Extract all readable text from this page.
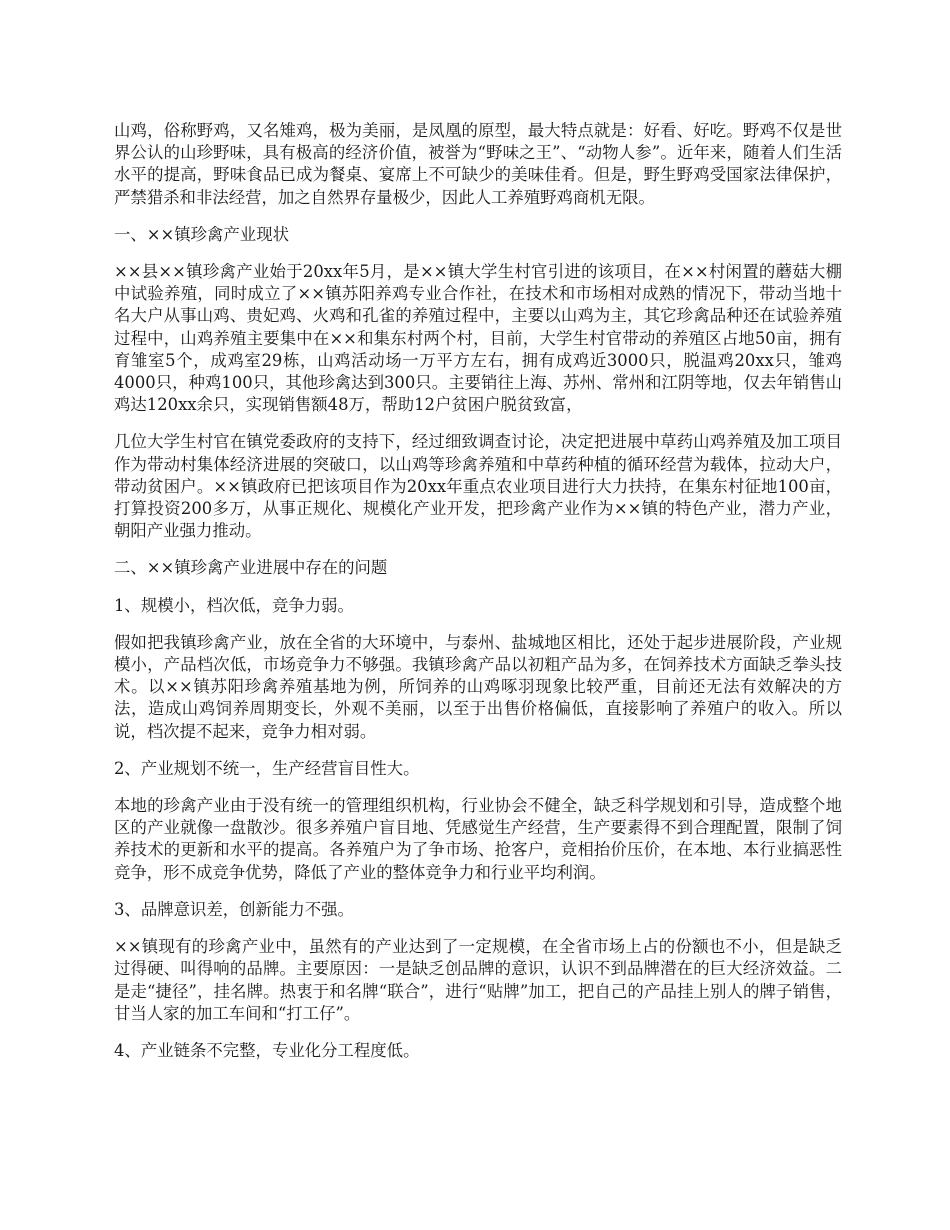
山鸡，俗称野鸡，又名雉鸡，极为美丽，是凤凰的原型，最大特点就是：好看、好吃。野鸡不仅是世界公认的山珍野味，具有极高的经济价值，被誉为“野味之王”、“动物人参”。近年来，随着人们生活水平的提高，野味食品已成为餐桌、宴席上不可缺少的美味佳肴。但是，野生野鸡受国家法律保护，严禁猎杀和非法经营，加之自然界存量极少，因此人工养殖野鸡商机无限。

一、××镇珍禽产业现状

××县××镇珍禽产业始于20xx年5月，是××镇大学生村官引进的该项目，在××村闲置的蘑菇大棚中试验养殖，同时成立了××镇苏阳养鸡专业合作社，在技术和市场相对成熟的情况下，带动当地十名大户从事山鸡、贵妃鸡、火鸡和孔雀的养殖过程中，主要以山鸡为主，其它珍禽品种还在试验养殖过程中，山鸡养殖主要集中在××和集东村两个村，目前，大学生村官带动的养殖区占地50亩，拥有育雏室5个，成鸡室29栋，山鸡活动场一万平方左右，拥有成鸡近3000只，脱温鸡20xx只，雏鸡4000只，种鸡100只，其他珍禽达到300只。主要销往上海、苏州、常州和江阴等地，仅去年销售山鸡达120xx余只，实现销售额48万，帮助12户贫困户脱贫致富，

几位大学生村官在镇党委政府的支持下，经过细致调查讨论，决定把进展中草药山鸡养殖及加工项目作为带动村集体经济进展的突破口，以山鸡等珍禽养殖和中草药种植的循环经营为载体，拉动大户，带动贫困户。××镇政府已把该项目作为20xx年重点农业项目进行大力扶持，在集东村征地100亩，打算投资200多万，从事正规化、规模化产业开发，把珍禽产业作为××镇的特色产业，潜力产业，朝阳产业强力推动。

二、××镇珍禽产业进展中存在的问题

1、规模小，档次低，竞争力弱。

假如把我镇珍禽产业，放在全省的大环境中，与泰州、盐城地区相比，还处于起步进展阶段，产业规模小，产品档次低，市场竞争力不够强。我镇珍禽产品以初粗产品为多，在饲养技术方面缺乏拳头技术。以××镇苏阳珍禽养殖基地为例，所饲养的山鸡啄羽现象比较严重，目前还无法有效解决的方法，造成山鸡饲养周期变长，外观不美丽，以至于出售价格偏低，直接影响了养殖户的收入。所以说，档次提不起来，竞争力相对弱。

2、产业规划不统一，生产经营盲目性大。

本地的珍禽产业由于没有统一的管理组织机构，行业协会不健全，缺乏科学规划和引导，造成整个地区的产业就像一盘散沙。很多养殖户盲目地、凭感觉生产经营，生产要素得不到合理配置，限制了饲养技术的更新和水平的提高。各养殖户为了争市场、抢客户，竞相抬价压价，在本地、本行业搞恶性竞争，形不成竞争优势，降低了产业的整体竞争力和行业平均利润。

3、品牌意识差，创新能力不强。

××镇现有的珍禽产业中，虽然有的产业达到了一定规模，在全省市场上占的份额也不小，但是缺乏过得硬、叫得响的品牌。主要原因：一是缺乏创品牌的意识，认识不到品牌潜在的巨大经济效益。二是走“捷径”，挂名牌。热衷于和名牌“联合”，进行“贴牌”加工，把自己的产品挂上别人的牌子销售，甘当人家的加工车间和“打工仔”。

4、产业链条不完整，专业化分工程度低。
